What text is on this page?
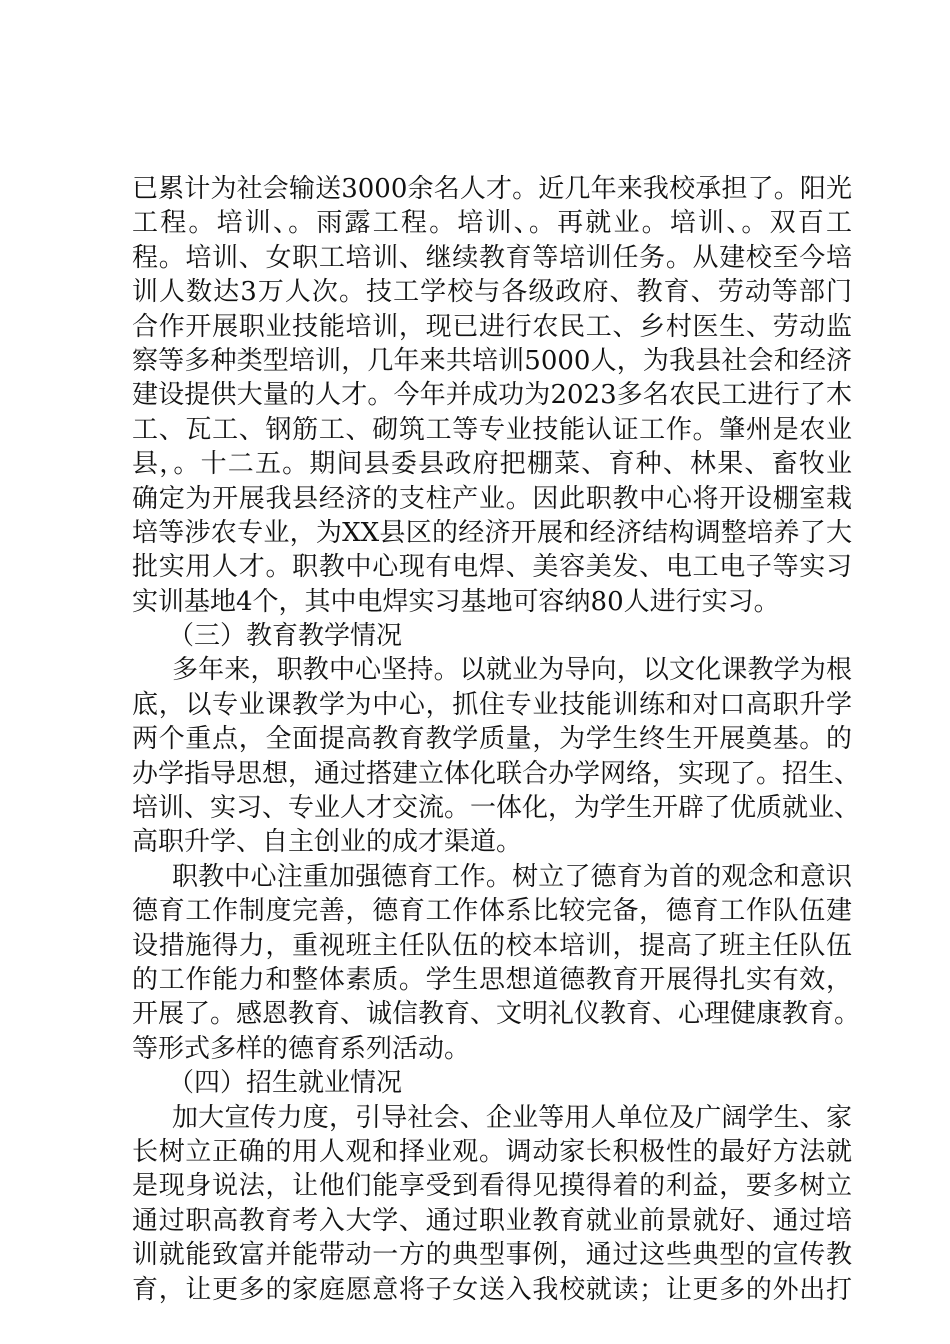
已累计为社会输送3000余名人才。近几年来我校承担了。阳光
工程。培训、。雨露工程。培训、。再就业。培训、。双百工
程。培训、女职工培训、继续教育等培训任务。从建校至今培
训人数达3万人次。技工学校与各级政府、教育、劳动等部门
合作开展职业技能培训，现已进行农民工、乡村医生、劳动监
察等多种类型培训，几年来共培训5000人，为我县社会和经济
建设提供大量的人才。今年并成功为2023多名农民工进行了木
工、瓦工、钢筋工、砌筑工等专业技能认证工作。肇州是农业
县，。十二五。期间县委县政府把棚菜、育种、林果、畜牧业
确定为开展我县经济的支柱产业。因此职教中心将开设棚室栽
培等涉农专业，为XX县区的经济开展和经济结构调整培养了大
批实用人才。职教中心现有电焊、美容美发、电工电子等实习
实训基地4个，其中电焊实习基地可容纳80人进行实习。
（三）教育教学情况
多年来，职教中心坚持。以就业为导向，以文化课教学为根
底，以专业课教学为中心，抓住专业技能训练和对口高职升学
两个重点，全面提高教育教学质量，为学生终生开展奠基。的
办学指导思想，通过搭建立体化联合办学网络，实现了。招生、
培训、实习、专业人才交流。一体化，为学生开辟了优质就业、
高职升学、自主创业的成才渠道。
职教中心注重加强德育工作。树立了德育为首的观念和意识
德育工作制度完善，德育工作体系比较完备，德育工作队伍建
设措施得力，重视班主任队伍的校本培训，提高了班主任队伍
的工作能力和整体素质。学生思想道德教育开展得扎实有效，
开展了。感恩教育、诚信教育、文明礼仪教育、心理健康教育。
等形式多样的德育系列活动。
（四）招生就业情况
加大宣传力度，引导社会、企业等用人单位及广阔学生、家
长树立正确的用人观和择业观。调动家长积极性的最好方法就
是现身说法，让他们能享受到看得见摸得着的利益，要多树立
通过职高教育考入大学、通过职业教育就业前景就好、通过培
训就能致富并能带动一方的典型事例，通过这些典型的宣传教
育，让更多的家庭愿意将子女送入我校就读；让更多的外出打
